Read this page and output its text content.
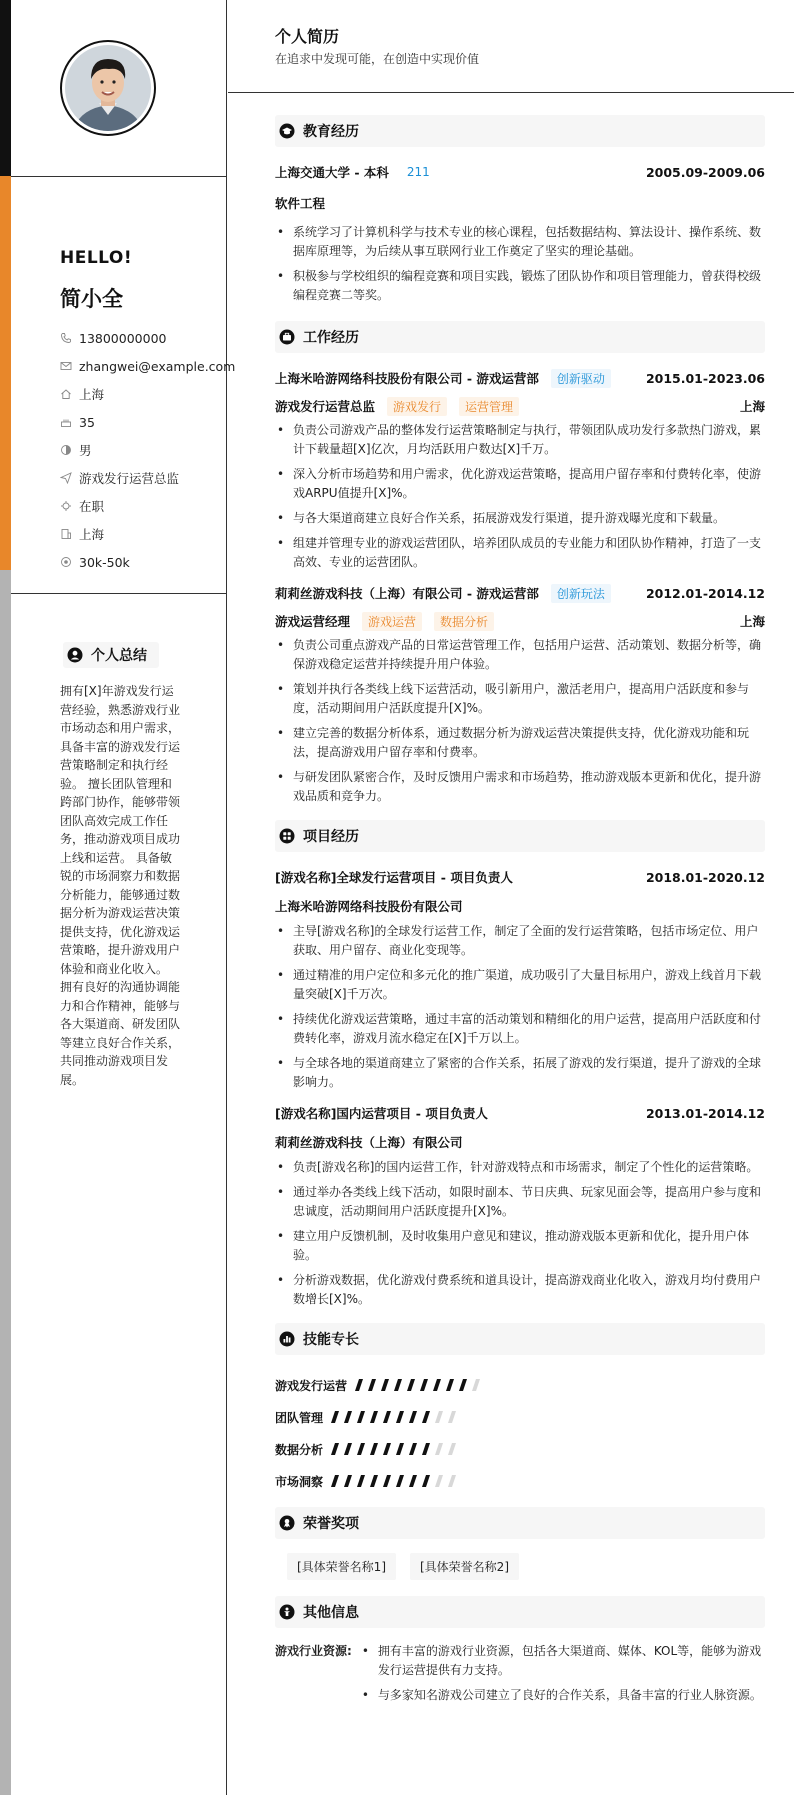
HELLO!
简小全
13800000000
zhangwei@example.com
上海
35
男
游戏发行运营总监
在职
上海
30k-50k
个人总结
拥有[X]年游戏发行运营经验，熟悉游戏行业市场动态和用户需求，具备丰富的游戏发行运营策略制定和执行经验。 擅长团队管理和跨部门协作，能够带领团队高效完成工作任务，推动游戏项目成功上线和运营。 具备敏锐的市场洞察力和数据分析能力，能够通过数据分析为游戏运营决策提供支持，优化游戏运营策略，提升游戏用户体验和商业化收入。 拥有良好的沟通协调能力和合作精神，能够与各大渠道商、研发团队等建立良好合作关系，共同推动游戏项目发展。
个人简历
在追求中发现可能，在创造中实现价值
教育经历
上海交通大学 - 本科	211	2005.09-2009.06
软件工程
• 系统学习了计算机科学与技术专业的核心课程，包括数据结构、算法设计、操作系统、数据库原理等，为后续从事互联网行业工作奠定了坚实的理论基础。
• 积极参与学校组织的编程竞赛和项目实践，锻炼了团队协作和项目管理能力，曾获得校级编程竞赛二等奖。
工作经历
上海米哈游网络科技股份有限公司 - 游戏运营部	创新驱动	2015.01-2023.06
游戏发行运营总监	游戏发行	运营管理	上海
• 负责公司游戏产品的整体发行运营策略制定与执行，带领团队成功发行多款热门游戏，累计下载量超[X]亿次，月均活跃用户数达[X]千万。
• 深入分析市场趋势和用户需求，优化游戏运营策略，提高用户留存率和付费转化率，使游戏ARPU值提升[X]%。
• 与各大渠道商建立良好合作关系，拓展游戏发行渠道，提升游戏曝光度和下载量。
• 组建并管理专业的游戏运营团队，培养团队成员的专业能力和团队协作精神，打造了一支高效、专业的运营团队。
莉莉丝游戏科技（上海）有限公司 - 游戏运营部	创新玩法	2012.01-2014.12
游戏运营经理	游戏运营	数据分析	上海
• 负责公司重点游戏产品的日常运营管理工作，包括用户运营、活动策划、数据分析等，确保游戏稳定运营并持续提升用户体验。
• 策划并执行各类线上线下运营活动，吸引新用户，激活老用户，提高用户活跃度和参与度，活动期间用户活跃度提升[X]%。
• 建立完善的数据分析体系，通过数据分析为游戏运营决策提供支持，优化游戏功能和玩法，提高游戏用户留存率和付费率。
• 与研发团队紧密合作，及时反馈用户需求和市场趋势，推动游戏版本更新和优化，提升游戏品质和竞争力。
项目经历
[游戏名称]全球发行运营项目 - 项目负责人	2018.01-2020.12
上海米哈游网络科技股份有限公司
• 主导[游戏名称]的全球发行运营工作，制定了全面的发行运营策略，包括市场定位、用户获取、用户留存、商业化变现等。
• 通过精准的用户定位和多元化的推广渠道，成功吸引了大量目标用户，游戏上线首月下载量突破[X]千万次。
• 持续优化游戏运营策略，通过丰富的活动策划和精细化的用户运营，提高用户活跃度和付费转化率，游戏月流水稳定在[X]千万以上。
• 与全球各地的渠道商建立了紧密的合作关系，拓展了游戏的发行渠道，提升了游戏的全球影响力。
[游戏名称]国内运营项目 - 项目负责人	2013.01-2014.12
莉莉丝游戏科技（上海）有限公司
• 负责[游戏名称]的国内运营工作，针对游戏特点和市场需求，制定了个性化的运营策略。
• 通过举办各类线上线下活动，如限时副本、节日庆典、玩家见面会等，提高用户参与度和忠诚度，活动期间用户活跃度提升[X]%。
• 建立用户反馈机制，及时收集用户意见和建议，推动游戏版本更新和优化，提升用户体验。
• 分析游戏数据，优化游戏付费系统和道具设计，提高游戏商业化收入，游戏月均付费用户数增长[X]%。
技能专长
游戏发行运营
团队管理
数据分析
市场洞察
荣誉奖项
[具体荣誉名称1]	[具体荣誉名称2]
其他信息
游戏行业资源:
•	拥有丰富的游戏行业资源，包括各大渠道商、媒体、KOL等，能够为游戏发行运营提供有力支持。
• 与多家知名游戏公司建立了良好的合作关系，具备丰富的行业人脉资源。
